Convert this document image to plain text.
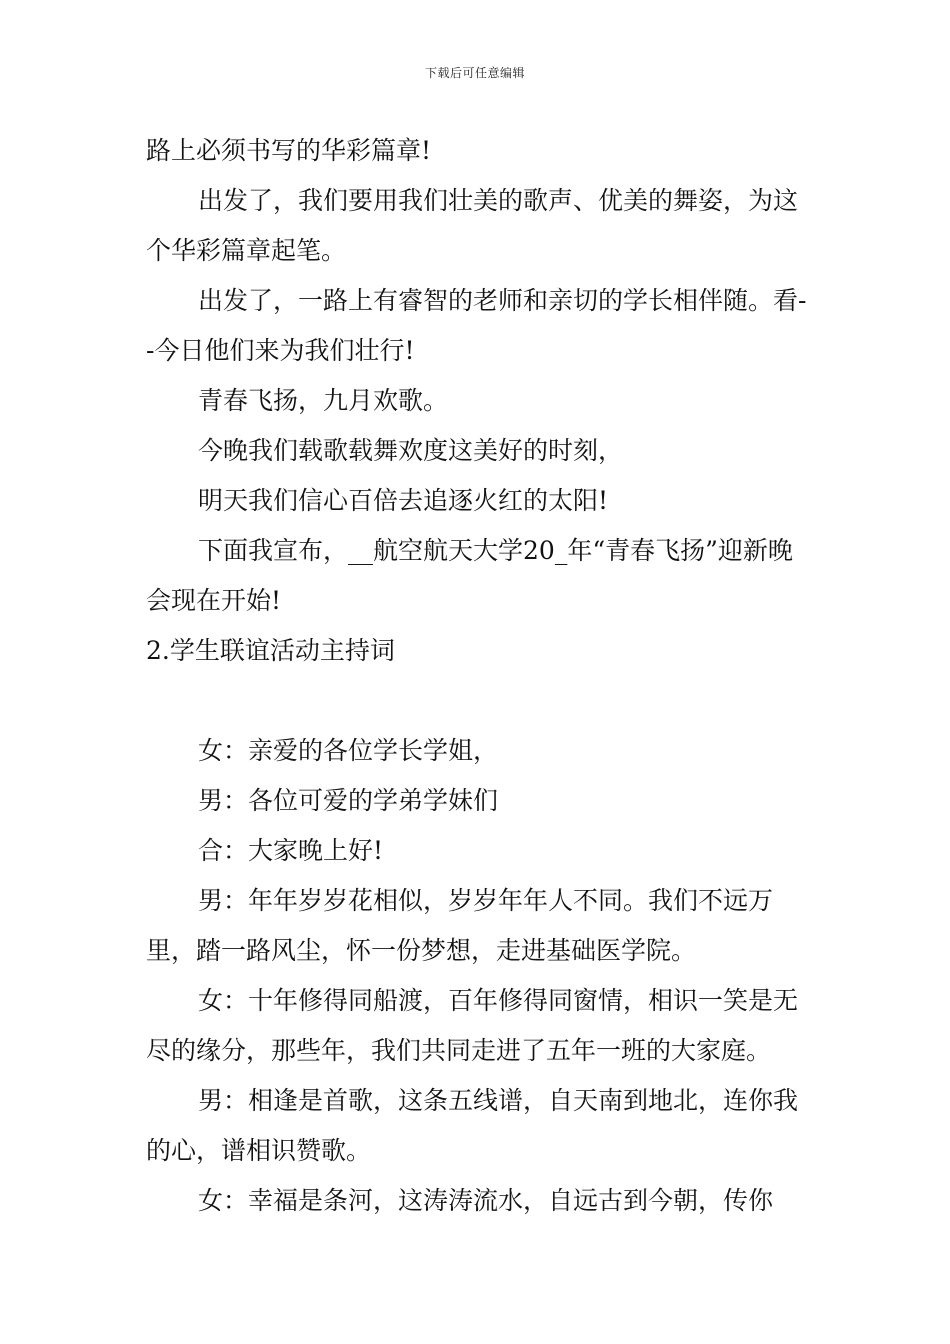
下载后可任意编辑

路上必须书写的华彩篇章!

出发了，我们要用我们壮美的歌声、优美的舞姿，为这个华彩篇章起笔。

出发了，一路上有睿智的老师和亲切的学长相伴随。看--今日他们来为我们壮行!

青春飞扬，九月欢歌。

今晚我们载歌载舞欢度这美好的时刻，

明天我们信心百倍去追逐火红的太阳!

下面我宣布，__航空航天大学20_年“青春飞扬”迎新晚会现在开始!

2.学生联谊活动主持词

女：亲爱的各位学长学姐，

男：各位可爱的学弟学妹们

合：大家晚上好!

男：年年岁岁花相似，岁岁年年人不同。我们不远万里，踏一路风尘，怀一份梦想，走进基础医学院。

女：十年修得同船渡，百年修得同窗情，相识一笑是无尽的缘分，那些年，我们共同走进了五年一班的大家庭。

男：相逢是首歌，这条五线谱，自天南到地北，连你我的心，谱相识赞歌。

女：幸福是条河，这涛涛流水，自远古到今朝，传你
